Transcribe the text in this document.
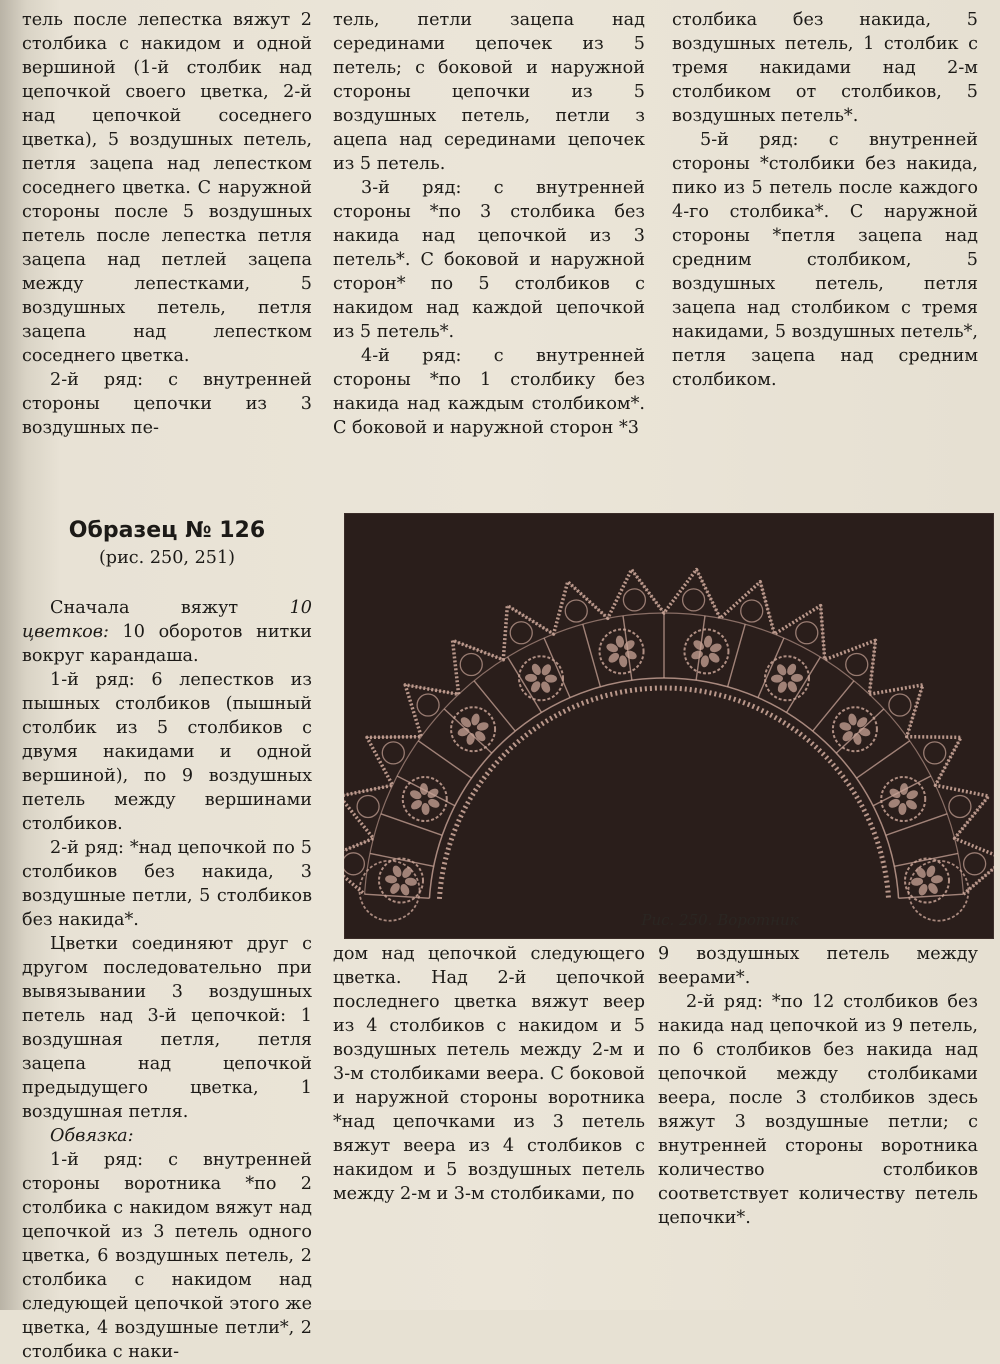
тель после лепестка вяжут 2 столбика с накидом и одной вершиной (1-й столбик над цепочкой своего цветка, 2-й над цепочкой соседнего цветка), 5 воздушных петель, петля зацепа над лепестком соседнего цветка. С наружной стороны после 5 воздушных петель после лепестка петля зацепа над петлей зацепа между лепестками, 5 воздушных петель, петля зацепа над лепестком соседнего цветка.

2-й ряд: с внутренней стороны цепочки из 3 воздушных пе-

тель, петли зацепа над серединами цепочек из 5 петель; с боковой и наружной стороны цепочки из 5 воздушных петель, петли з ацепа над серединами цепочек из 5 петель.

3-й ряд: с внутренней стороны *по 3 столбика без накида над цепочкой из 3 петель*. С боковой и наружной сторон* по 5 столбиков с накидом над каждой цепочкой из 5 петель*.

4-й ряд: с внутренней стороны *по 1 столбику без накида над каждым столбиком*. С боковой и наружной сторон *3

столбика без накида, 5 воздушных петель, 1 столбик с тремя накидами над 2-м столбиком от столбиков, 5 воздушных петель*.

5-й ряд: с внутренней стороны *столбики без накида, пико из 5 петель после каждого 4-го столбика*. С наружной стороны *петля зацепа над средним столбиком, 5 воздушных петель, петля зацепа над столбиком с тремя накидами, 5 воздушных петель*, петля зацепа над средним столбиком.

Образец № 126
(рис. 250, 251)

Сначала вяжут 10 цветков: 10 оборотов нитки вокруг карандаша.

1-й ряд: 6 лепестков из пышных столбиков (пышный столбик из 5 столбиков с двумя накидами и одной вершиной), по 9 воздушных петель между вершинами столбиков.

2-й ряд: *над цепочкой по 5 столбиков без накида, 3 воздушные петли, 5 столбиков без накида*.

Цветки соединяют друг с другом последовательно при вывязывании 3 воздушных петель над 3-й цепочкой: 1 воздушная петля, петля зацепа над цепочкой предыдущего цветка, 1 воздушная петля.

Обвязка:

1-й ряд: с внутренней стороны воротника *по 2 столбика с накидом вяжут над цепочкой из 3 петель одного цветка, 6 воздушных петель, 2 столбика с накидом над следующей цепочкой этого же цветка, 4 воздушные петли*, 2 столбика с наки-

Рис. 250. Воротник

дом над цепочкой следующего цветка. Над 2-й цепочкой последнего цветка вяжут веер из 4 столбиков с накидом и 5 воздушных петель между 2-м и 3-м столбиками веера. С боковой и наружной стороны воротника *над цепочками из 3 петель вяжут веера из 4 столбиков с накидом и 5 воздушных петель между 2-м и 3-м столбиками, по

9 воздушных петель между веерами*.

2-й ряд: *по 12 столбиков без накида над цепочкой из 9 петель, по 6 столбиков без накида над цепочкой между столбиками веера, после 3 столбиков здесь вяжут 3 воздушные петли; с внутренней стороны воротника количество столбиков соответствует количеству петель цепочки*.
